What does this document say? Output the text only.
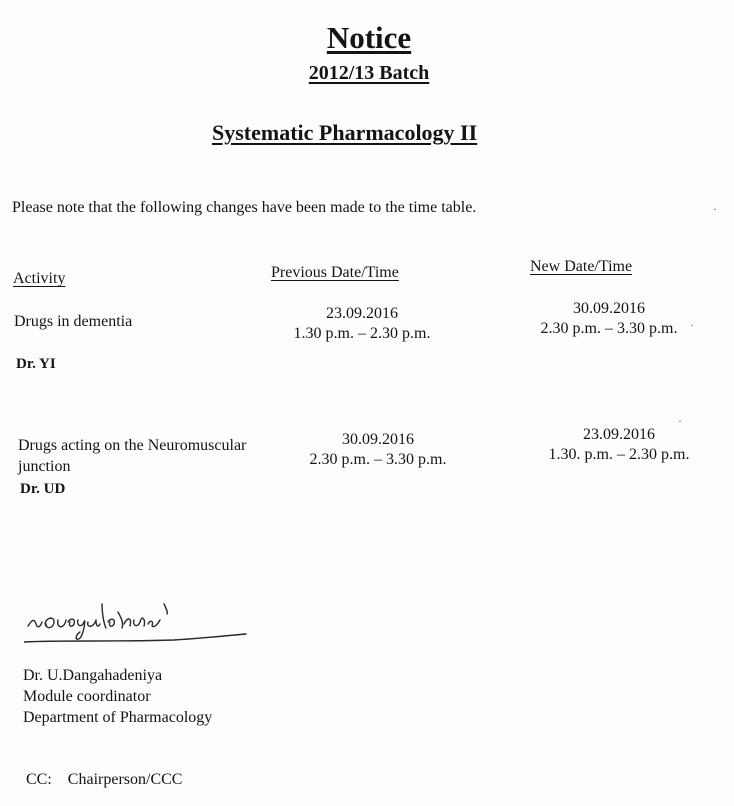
Notice
2012/13 Batch
Systematic Pharmacology II
Please note that the following changes have been made to the time table.
Activity	Previous Date/Time	New Date/Time
Drugs in dementia
Dr. YI
23.09.2016
1.30 p.m. – 2.30 p.m.
30.09.2016
2.30 p.m. – 3.30 p.m.
Drugs acting on the Neuromuscular
junction
Dr. UD
30.09.2016
2.30 p.m. – 3.30 p.m.
23.09.2016
1.30. p.m. – 2.30 p.m.
·
·
·
Dr. U.Dangahadeniya
Module coordinator
Department of Pharmacology
CC: Chairperson/CCC
